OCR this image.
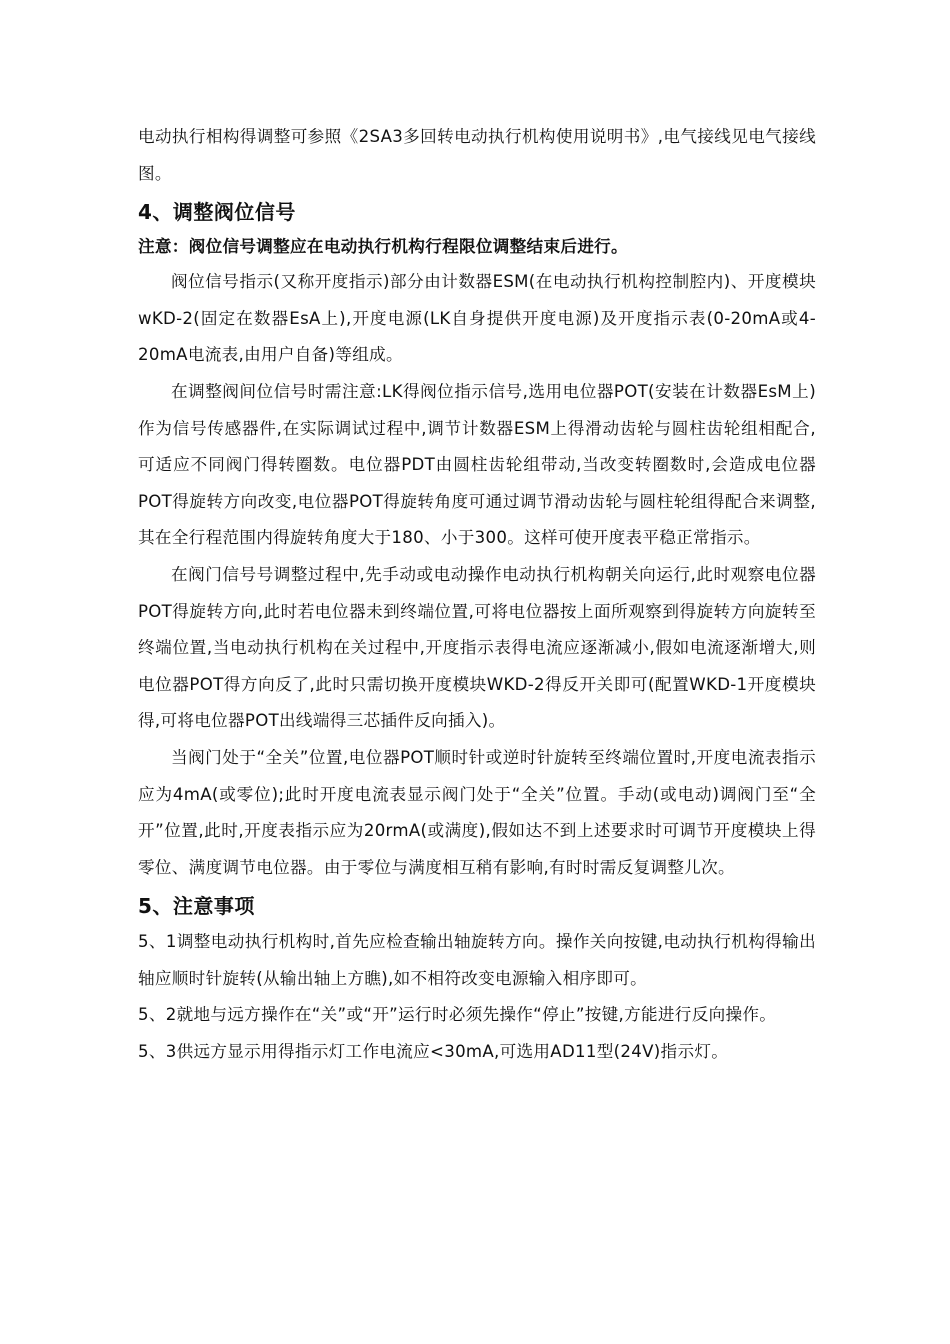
电动执行相构得调整可参照《2SA3多回转电动执行机构使用说明书》,电气接线见电气接线图。

4、调整阀位信号
注意：阀位信号调整应在电动执行机构行程限位调整结束后进行。

阀位信号指示(又称开度指示)部分由计数器ESM(在电动执行机构控制腔内)、开度模块wKD-2(固定在数器EsA上),开度电源(LK自身提供开度电源)及开度指示表(0-20mA或4-20mA电流表,由用户自备)等组成。

在调整阀间位信号时需注意:LK得阀位指示信号,选用电位器POT(安装在计数器EsM上)作为信号传感器件,在实际调试过程中,调节计数器ESM上得滑动齿轮与圆柱齿轮组相配合,可适应不同阀门得转圈数。电位器PDT由圆柱齿轮组带动,当改变转圈数时,会造成电位器POT得旋转方向改变,电位器POT得旋转角度可通过调节滑动齿轮与圆柱轮组得配合来调整,其在全行程范围内得旋转角度大于180、小于300。这样可使开度表平稳正常指示。

在阀门信号号调整过程中,先手动或电动操作电动执行机构朝关向运行,此时观察电位器POT得旋转方向,此时若电位器未到终端位置,可将电位器按上面所观察到得旋转方向旋转至终端位置,当电动执行机构在关过程中,开度指示表得电流应逐渐减小,假如电流逐渐增大,则电位器POT得方向反了,此时只需切换开度模块WKD-2得反开关即可(配置WKD-1开度模块得,可将电位器POT出线端得三芯插件反向插入)。

当阀门处于“全关”位置,电位器POT顺时针或逆时针旋转至终端位置时,开度电流表指示应为4mA(或零位);此时开度电流表显示阀门处于“全关”位置。手动(或电动)调阀门至“全开”位置,此时,开度表指示应为20rmA(或满度),假如达不到上述要求时可调节开度模块上得零位、满度调节电位器。由于零位与满度相互稍有影响,有时时需反复调整儿次。

5、注意事项

5、1调整电动执行机构时,首先应检查输出轴旋转方向。操作关向按键,电动执行机构得输出轴应顺时针旋转(从输出轴上方瞧),如不相符改变电源输入相序即可。

5、2就地与远方操作在“关”或“开”运行时必须先操作“停止”按键,方能进行反向操作。

5、3供远方显示用得指示灯工作电流应<30mA,可选用AD11型(24V)指示灯。
